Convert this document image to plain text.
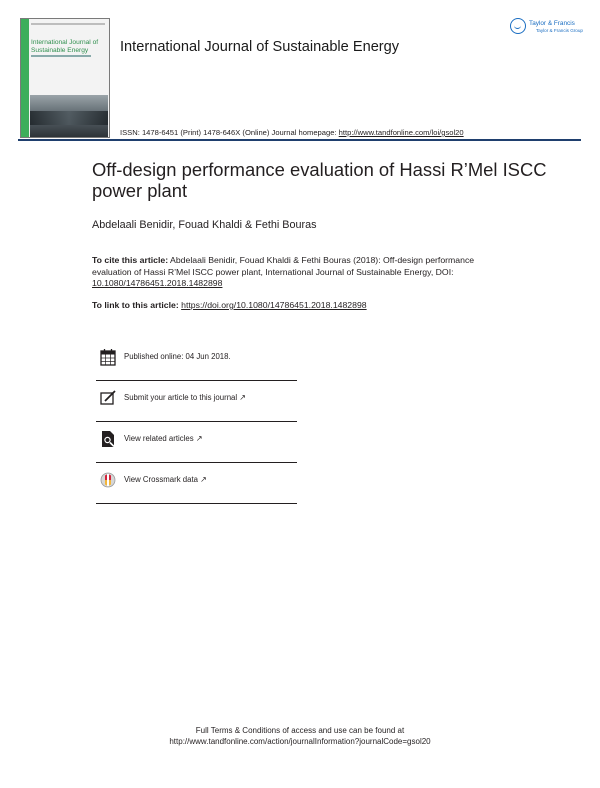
International Journal of Sustainable Energy	International Journal of Sustainable Energy
ISSN: 1478-6451 (Print) 1478-646X (Online) Journal homepage: http://www.tandfonline.com/loi/gsol20
Taylor & Francis
Taylor & Francis Group
Off-design performance evaluation of Hassi R’Mel ISCC power plant
Abdelaali Benidir, Fouad Khaldi & Fethi Bouras
To cite this article: Abdelaali Benidir, Fouad Khaldi & Fethi Bouras (2018): Off-design performance evaluation of Hassi R’Mel ISCC power plant, International Journal of Sustainable Energy, DOI: 10.1080/14786451.2018.1482898
To link to this article: https://doi.org/10.1080/14786451.2018.1482898
Published online: 04 Jun 2018.
Submit your article to this journal ↗
View related articles ↗
View Crossmark data ↗
Full Terms & Conditions of access and use can be found at
http://www.tandfonline.com/action/journalInformation?journalCode=gsol20
